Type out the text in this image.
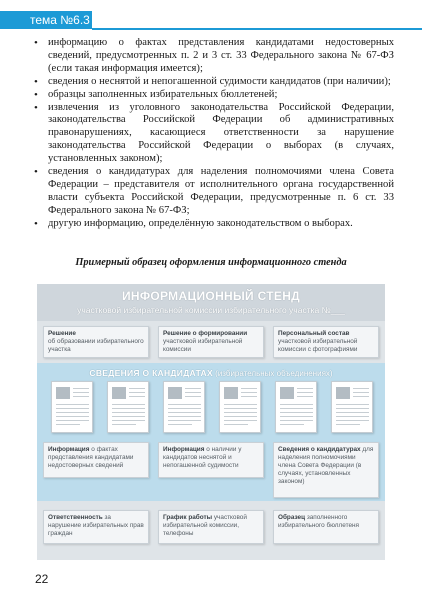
тема №6.3
• информацию о фактах представления кандидатами недостоверных сведений, предусмотренных п. 2 и 3 ст. 33 Федерального закона № 67-ФЗ (если такая информация имеется);
• сведения о неснятой и непогашенной судимости кандидатов (при наличии);
• образцы заполненных избирательных бюллетеней;
• извлечения из уголовного законодательства Российской Федерации, законодательства Российской Федерации об административных правонарушениях, касающиеся ответственности за нарушение законодательства Российской Федерации о выборах (в случаях, установленных законом);
• сведения о кандидатурах для наделения полномочиями члена Совета Федерации – представителя от исполнительного органа государственной власти субъекта Российской Федерации, предусмотренные п. 6 ст. 33 Федерального закона № 67-ФЗ;
• другую информацию, определённую законодательством о выборах.
Примерный образец оформления информационного стенда
ИНФОРМАЦИОННЫЙ СТЕНД
участковой избирательной комиссии избирательного участка №___
Решение
об образовании избирательного участка
Решение о формировании
участковой избирательной комиссии
Персональный состав
участковой избирательной комиссии с фотографиями
СВЕДЕНИЯ О КАНДИДАТАХ (избирательных объединениях)
Информация о фактах представления кандидатами недостоверных сведений
Информация о наличии у кандидатов неснятой и непогашенной судимости
Сведения о кандидатурах для наделения полномочиями члена Совета Федерации (в случаях, установленных законом)
Ответственность за нарушение избирательных прав граждан
График работы участковой избирательной комиссии, телефоны
Образец заполненного избирательного бюллетеня
22
